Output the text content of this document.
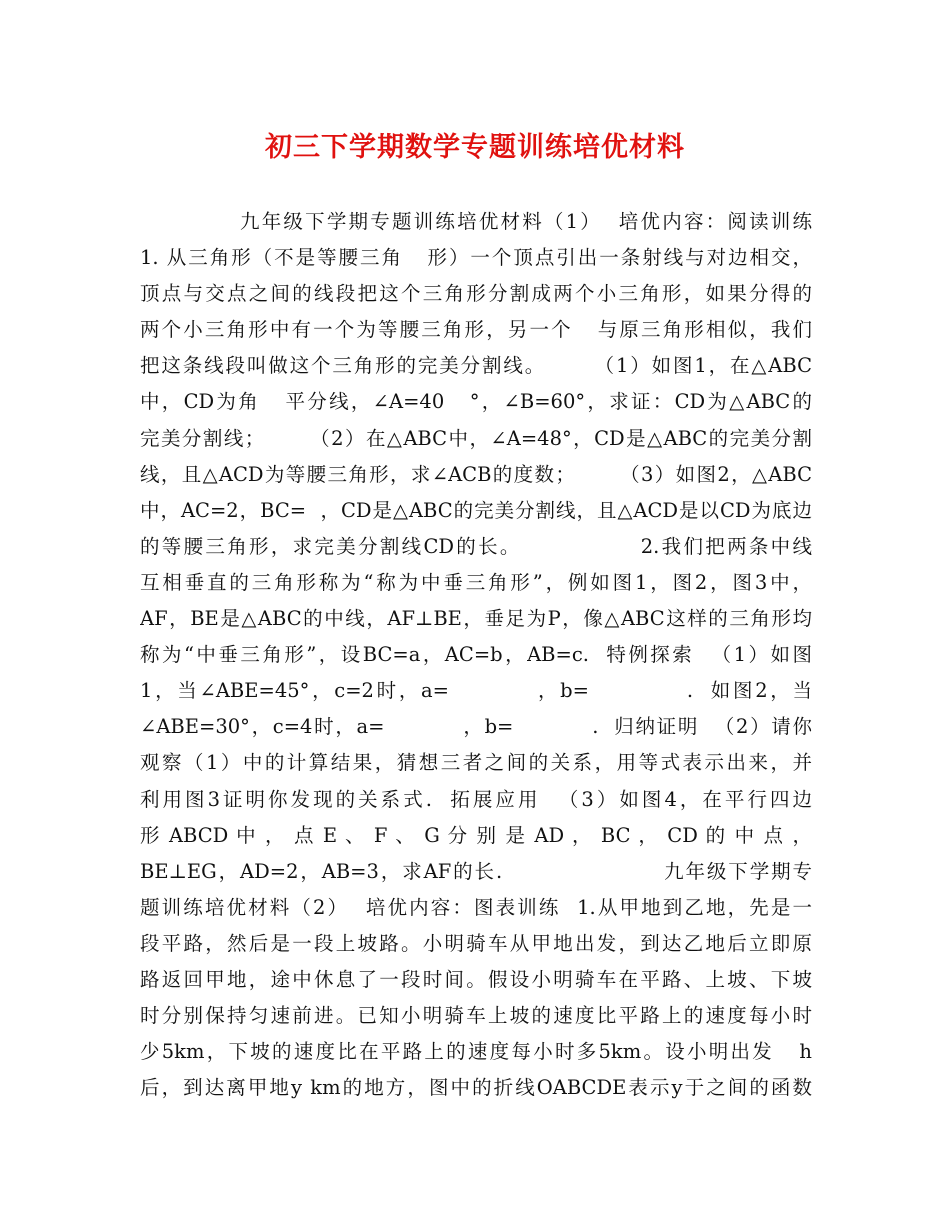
初三下学期数学专题训练培优材料
九年级下学期专题训练培优材料（1）  培优内容：阅读训练
1. 从三角形（不是等腰三角   形）一个顶点引出一条射线与对边相交，
顶点与交点之间的线段把这个三角形分割成两个小三角形，如果分得的
两个小三角形中有一个为等腰三角形，另一个   与原三角形相似，我们
把这条线段叫做这个三角形的完美分割线。      （1）如图1，在△ABC
中，CD为角   平分线，∠A=40   °，∠B=60°，求证：CD为△ABC的
完美分割线；      （2）在△ABC中，∠A=48°，CD是△ABC的完美分割
线，且△ACD为等腰三角形，求∠ACB的度数；      （3）如图2，△ABC
中，AC=2，BC=  ，CD是△ABC的完美分割线，且△ACD是以CD为底边
的等腰三角形，求完美分割线CD的长。              2.我们把两条中线
互相垂直的三角形称为“称为中垂三角形”，例如图1，图2，图3中，
AF，BE是△ABC的中线，AF⊥BE，垂足为P，像△ABC这样的三角形均
称为“中垂三角形”，设BC=a，AC=b，AB=c.  特例探索  （1）如图
1，当∠ABE=45°，c=2时，a=          ，b=           .  如图2，当
∠ABE=30°，c=4时，a=          ，b=          .  归纳证明  （2）请你
观察（1）中的计算结果，猜想三者之间的关系，用等式表示出来，并
利用图3证明你发现的关系式.  拓展应用  （3）如图4，在平行四边
形 ABCD 中 ， 点 E 、 F 、 G 分 别 是 AD ， BC ， CD 的 中 点 ，
BE⊥EG，AD=2，AB=3，求AF的长.                    九年级下学期专
题训练培优材料（2）  培优内容：图表训练  1.从甲地到乙地，先是一
段平路，然后是一段上坡路。小明骑车从甲地出发，到达乙地后立即原
路返回甲地，途中休息了一段时间。假设小明骑车在平路、上坡、下坡
时分别保持匀速前进。已知小明骑车上坡的速度比平路上的速度每小时
少5km，下坡的速度比在平路上的速度每小时多5km。设小明出发   h
后，到达离甲地y km的地方，图中的折线OABCDE表示y于之间的函数
